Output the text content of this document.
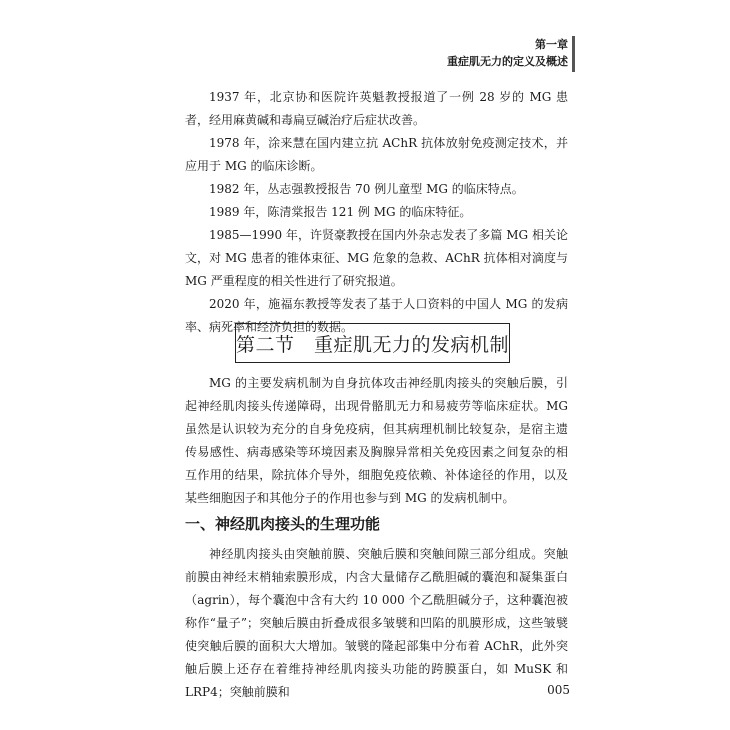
第一章
重症肌无力的定义及概述

1937 年，北京协和医院许英魁教授报道了一例 28 岁的 MG 患者，经用麻黄碱和毒扁豆碱治疗后症状改善。

1978 年，涂来慧在国内建立抗 AChR 抗体放射免疫测定技术，并应用于 MG 的临床诊断。

1982 年，丛志强教授报告 70 例儿童型 MG 的临床特点。

1989 年，陈清棠报告 121 例 MG 的临床特征。

1985—1990 年，许贤豪教授在国内外杂志发表了多篇 MG 相关论文，对 MG 患者的锥体束征、MG 危象的急救、AChR 抗体相对滴度与 MG 严重程度的相关性进行了研究报道。

2020 年，施福东教授等发表了基于人口资料的中国人 MG 的发病率、病死率和经济负担的数据。

第二节　重症肌无力的发病机制

MG 的主要发病机制为自身抗体攻击神经肌肉接头的突触后膜，引起神经肌肉接头传递障碍，出现骨骼肌无力和易疲劳等临床症状。MG 虽然是认识较为充分的自身免疫病，但其病理机制比较复杂，是宿主遗传易感性、病毒感染等环境因素及胸腺异常相关免疫因素之间复杂的相互作用的结果，除抗体介导外，细胞免疫依赖、补体途径的作用，以及某些细胞因子和其他分子的作用也参与到 MG 的发病机制中。

一、神经肌肉接头的生理功能

神经肌肉接头由突触前膜、突触后膜和突触间隙三部分组成。突触前膜由神经末梢轴索膜形成，内含大量储存乙酰胆碱的囊泡和凝集蛋白（agrin），每个囊泡中含有大约 10 000 个乙酰胆碱分子，这种囊泡被称作“量子”；突触后膜由折叠成很多皱襞和凹陷的肌膜形成，这些皱襞使突触后膜的面积大大增加。皱襞的隆起部集中分布着 AChR，此外突触后膜上还存在着维持神经肌肉接头功能的跨膜蛋白，如 MuSK 和 LRP4；突触前膜和	005
